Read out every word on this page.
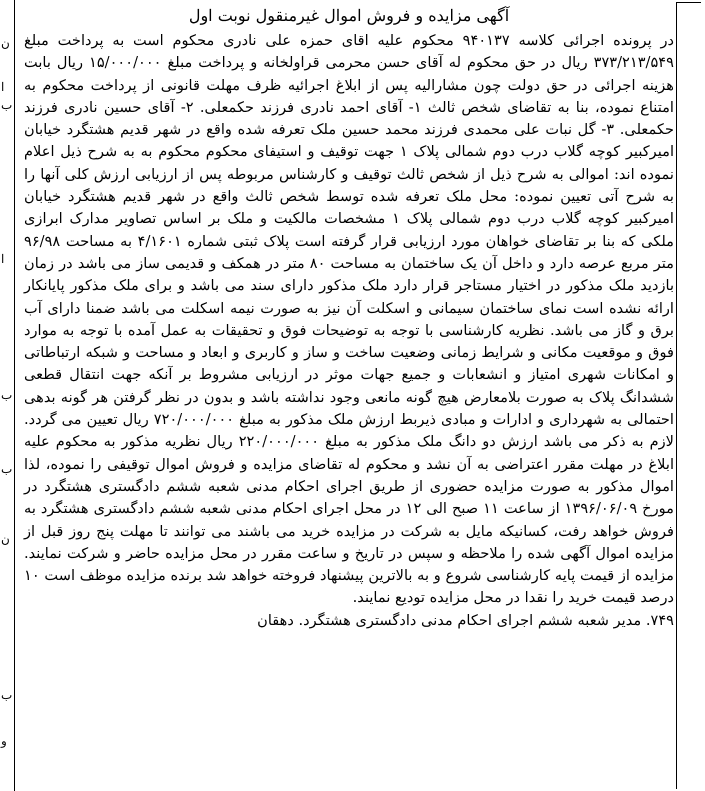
ن
ا
ب
ا
ب
ب
ن
ب
و
آگهی مزایده و فروش اموال غیرمنقول نوبت اول

در پرونده اجرائی کلاسه ۹۴۰۱۳۷ محکوم علیه اقای حمزه علی نادری محکوم است به پرداخت مبلغ ۳۷۳/۲۱۳/۵۴۹ ریال در حق محکوم له آقای حسن محرمی قراولخانه و پرداخت مبلغ ۱۵/۰۰۰/۰۰۰ ریال بابت هزینه اجرائی در حق دولت چون مشارالیه پس از ابلاغ اجرائیه ظرف مهلت قانونی از پرداخت محکوم به امتناع نموده، بنا به تقاضای شخص ثالث ۱- آقای احمد نادری فرزند حکمعلی. ۲- آقای حسین نادری فرزند حکمعلی. ۳- گل نبات علی محمدی فرزند محمد حسین ملک تعرفه شده واقع در شهر قدیم هشتگرد خیابان امیرکبیر کوچه گلاب درب دوم شمالی پلاک ۱ جهت توقیف و استیفای محکوم محکوم به به شرح ذیل اعلام نموده اند: اموالی به شرح ذیل از شخص ثالث توقیف و کارشناس مربوطه پس از ارزیابی ارزش کلی آنها را به شرح آتی تعیین نموده: محل ملک تعرفه شده توسط شخص ثالث واقع در شهر قدیم هشتگرد خیابان امیرکبیر کوچه گلاب درب دوم شمالی پلاک ۱ مشخصات مالکیت و ملک بر اساس تصاویر مدارک ابرازی ملکی که بنا بر تقاضای خواهان مورد ارزیابی قرار گرفته است پلاک ثبتی شماره ۴/۱۶۰۱ به مساحت ۹۶/۹۸ متر مربع عرصه دارد و داخل آن یک ساختمان به مساحت ۸۰ متر در همکف و قدیمی ساز می باشد در زمان بازدید ملک مذکور در اختیار مستاجر قرار دارد ملک مذکور دارای سند می باشد و برای ملک مذکور پایانکار ارائه نشده است نمای ساختمان سیمانی و اسکلت آن نیز به صورت نیمه اسکلت می باشد ضمنا دارای آب برق و گاز می باشد. نظریه کارشناسی با توجه به توضیحات فوق و تحقیقات به عمل آمده با توجه به موارد فوق و موقعیت مکانی و شرایط زمانی وضعیت ساخت و ساز و کاربری و ابعاد و مساحت و شبکه ارتباطاتی و امکانات شهری امتیاز و انشعابات و جمیع جهات موثر در ارزیابی مشروط بر آنکه جهت انتقال قطعی ششدانگ پلاک به صورت بلامعارض هیچ گونه مانعی وجود نداشته باشد و بدون در نظر گرفتن هر گونه بدهی احتمالی به شهرداری و ادارات و مبادی ذیربط ارزش ملک مذکور به مبلغ ۷۲۰/۰۰۰/۰۰۰ ریال تعیین می گردد. لازم به ذکر می باشد ارزش دو دانگ ملک مذکور به مبلغ ۲۲۰/۰۰۰/۰۰۰ ریال نظریه مذکور به محکوم علیه ابلاغ در مهلت مقرر اعتراضی به آن نشد و محکوم له تقاضای مزایده و فروش اموال توقیفی را نموده، لذا اموال مذکور به صورت مزایده حضوری از طریق اجرای احکام مدنی شعبه ششم دادگستری هشتگرد در مورخ ۱۳۹۶/۰۶/۰۹ از ساعت ۱۱ صبح الی ۱۲ در محل اجرای احکام مدنی شعبه ششم دادگستری هشتگرد به فروش خواهد رفت، کسانیکه مایل به شرکت در مزایده خرید می باشند می توانند تا مهلت پنج روز قبل از مزایده اموال آگهی شده را ملاحظه و سپس در تاریخ و ساعت مقرر در محل مزایده حاضر و شرکت نمایند. مزایده از قیمت پایه کارشناسی شروع و به بالاترین پیشنهاد فروخته خواهد شد برنده مزایده موظف است ۱۰ درصد قیمت خرید را نقدا در محل مزایده تودیع نمایند.

۷۴۹. مدیر شعبه ششم اجرای احکام مدنی دادگستری هشتگرد. دهقان
